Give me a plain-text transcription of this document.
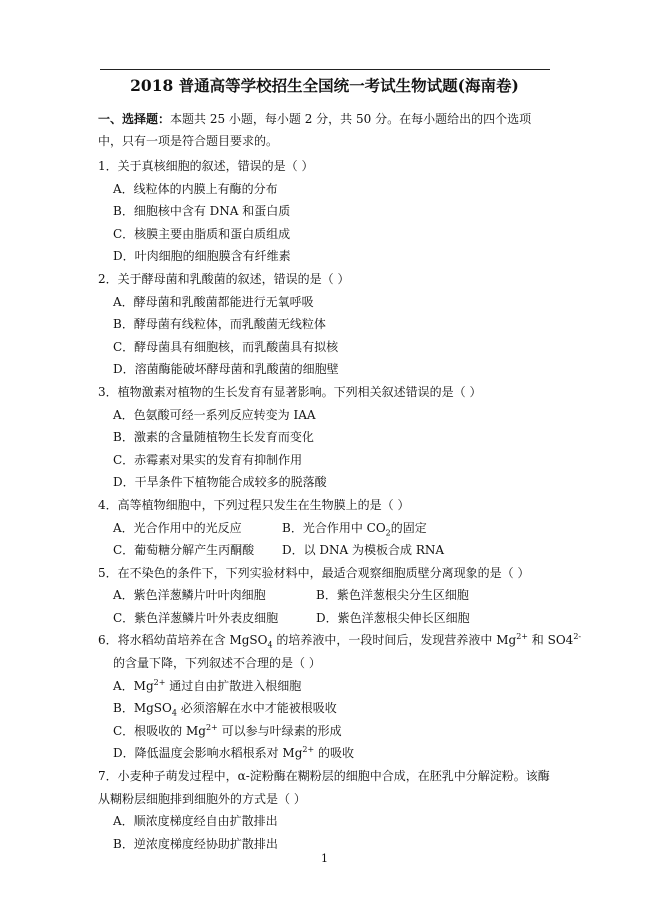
2018 普通高等学校招生全国统一考试生物试题(海南卷)

一、选择题：本题共 25 小题，每小题 2 分，共 50 分。在每小题给出的四个选项中，只有一项是符合题目要求的。

1．关于真核细胞的叙述，错误的是（ ）

A．线粒体的内膜上有酶的分布
B．细胞核中含有 DNA 和蛋白质
C．核膜主要由脂质和蛋白质组成
D．叶肉细胞的细胞膜含有纤维素

2．关于酵母菌和乳酸菌的叙述，错误的是（ ）

A．酵母菌和乳酸菌都能进行无氧呼吸
B．酵母菌有线粒体，而乳酸菌无线粒体
C．酵母菌具有细胞核，而乳酸菌具有拟核
D．溶菌酶能破坏酵母菌和乳酸菌的细胞壁

3．植物激素对植物的生长发育有显著影响。下列相关叙述错误的是（ ）

A．色氨酸可经一系列反应转变为 IAA
B．激素的含量随植物生长发育而变化
C．赤霉素对果实的发育有抑制作用
D．干旱条件下植物能合成较多的脱落酸

4．高等植物细胞中，下列过程只发生在生物膜上的是（ ）

A．光合作用中的光反应	B．光合作用中 $CO_2$的固定
C．葡萄糖分解产生丙酮酸	D．以 DNA 为模板合成 RNA

5．在不染色的条件下，下列实验材料中，最适合观察细胞质壁分离现象的是（ ）

A．紫色洋葱鳞片叶叶肉细胞	B．紫色洋葱根尖分生区细胞
C．紫色洋葱鳞片叶外表皮细胞	D．紫色洋葱根尖伸长区细胞

6．将水稻幼苗培养在含 MgSO$_4$ 的培养液中，一段时间后，发现营养液中 $Mg^{2+}$ 和 $SO4^{2-}$

的含量下降，下列叙述不合理的是（ ）

A．$Mg^{2+}$ 通过自由扩散进入根细胞
B．MgSO$_4$ 必须溶解在水中才能被根吸收
C．根吸收的 $Mg^{2+}$ 可以参与叶绿素的形成
D．降低温度会影响水稻根系对 $Mg^{2+}$ 的吸收

7．小麦种子萌发过程中，α-淀粉酶在糊粉层的细胞中合成，在胚乳中分解淀粉。该酶从糊粉层细胞排到细胞外的方式是（ ）

A．顺浓度梯度经自由扩散排出
B．逆浓度梯度经协助扩散排出
1
